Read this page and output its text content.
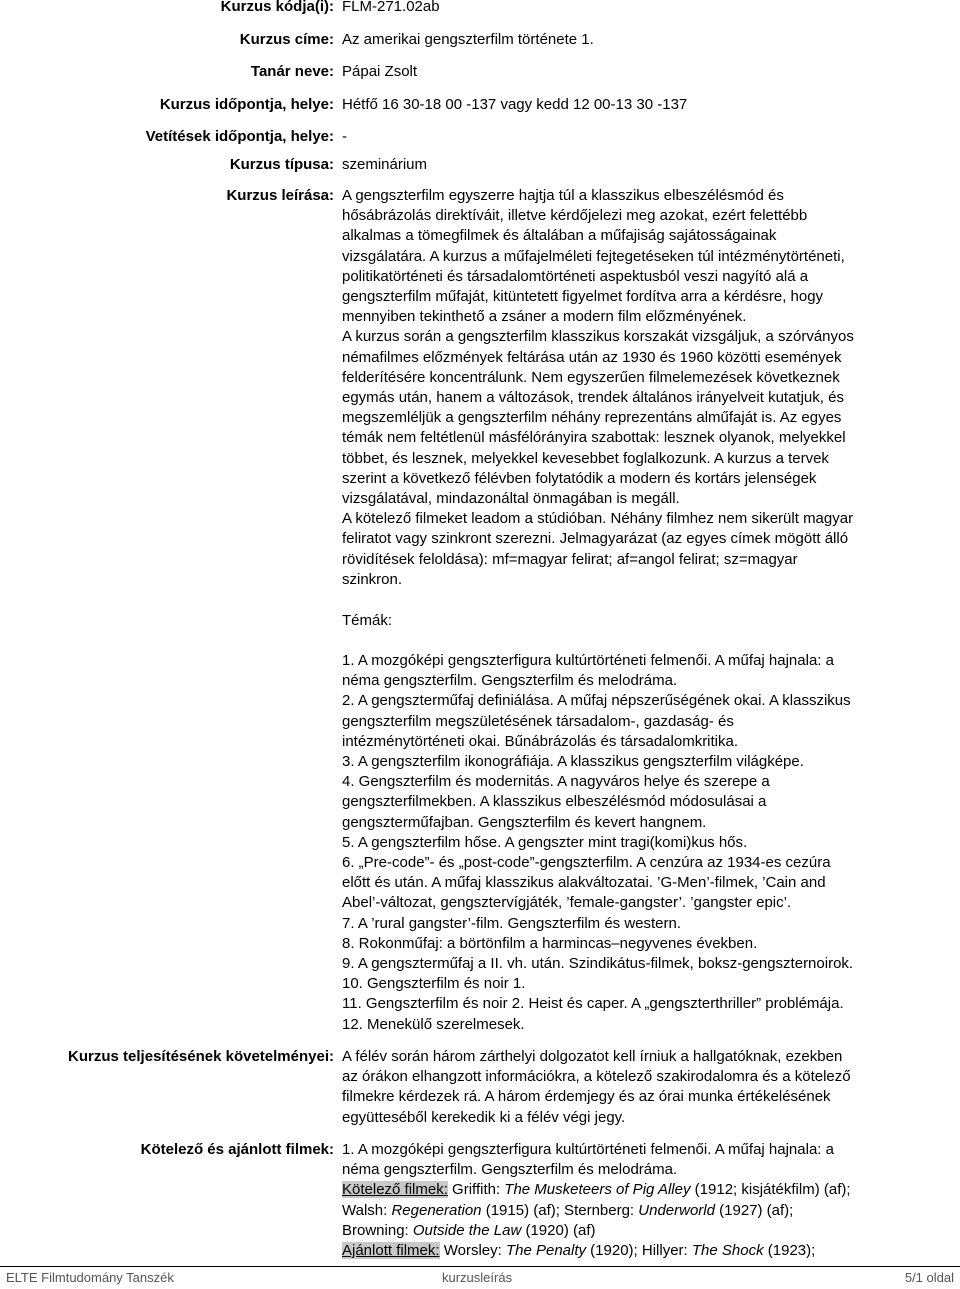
Kurzus kódja(i): FLM-271.02ab
Kurzus címe: Az amerikai gengszterfilm története 1.
Tanár neve: Pápai Zsolt
Kurzus időpontja, helye: Hétfő 16 30-18 00 -137 vagy kedd 12 00-13 30 -137
Vetítések időpontja, helye: -
Kurzus típusa: szeminárium
Kurzus leírása: A gengszterfilm egyszerre hajtja túl a klasszikus elbeszélésmód és

hősábrázolás direktíváit, illetve kérdőjelezi meg azokat, ezért felettébb

alkalmas a tömegfilmek és általában a műfajiság sajátosságainak

vizsgálatára. A kurzus a műfajelméleti fejtegetéseken túl intézménytörténeti,

politikatörténeti és társadalomtörténeti aspektusból veszi nagyító alá a

gengszterfilm műfaját, kitüntetett figyelmet fordítva arra a kérdésre, hogy

mennyiben tekinthető a zsáner a modern film előzményének.

A kurzus során a gengszterfilm klasszikus korszakát vizsgáljuk, a szórványos

némafilmes előzmények feltárása után az 1930 és 1960 közötti események

felderítésére koncentrálunk. Nem egyszerűen filmelemezések következnek

egymás után, hanem a változások, trendek általános irányelveit kutatjuk, és

megszemléljük a gengszterfilm néhány reprezentáns alműfaját is. Az egyes

témák nem feltétlenül másfélórányira szabottak: lesznek olyanok, melyekkel

többet, és lesznek, melyekkel kevesebbet foglalkozunk. A kurzus a tervek

szerint a következő félévben folytatódik a modern és kortárs jelenségek

vizsgálatával, mindazonáltal önmagában is megáll.

A kötelező filmeket leadom a stúdióban. Néhány filmhez nem sikerült magyar

feliratot vagy szinkront szerezni. Jelmagyarázat (az egyes címek mögött álló

rövidítések feloldása): mf=magyar felirat; af=angol felirat; sz=magyar

szinkron.

Témák:

1. A mozgóképi gengszterfigura kultúrtörténeti felmenői. A műfaj hajnala: a

néma gengszterfilm. Gengszterfilm és melodráma.

2. A gengszterműfaj definiálása. A műfaj népszerűségének okai. A klasszikus

gengszterfilm megszületésének társadalom-, gazdaság- és

intézménytörténeti okai. Bűnábrázolás és társadalomkritika.

3. A gengszterfilm ikonográfiája. A klasszikus gengszterfilm világképe.

4. Gengszterfilm és modernitás. A nagyváros helye és szerepe a

gengszterfilmekben. A klasszikus elbeszélésmód módosulásai a

gengszterműfajban. Gengszterfilm és kevert hangnem.

5. A gengszterfilm hőse. A gengszter mint tragi(komi)kus hős.

6. „Pre-code”- és „post-code”-gengszterfilm. A cenzúra az 1934-es cezúra

előtt és után. A műfaj klasszikus alakváltozatai. ’G-Men’-filmek, ’Cain and

Abel’-változat, gengsztervígjáték, ’female-gangster’. ’gangster epic’.

7. A ’rural gangster’-film. Gengszterfilm és western.

8. Rokonműfaj: a börtönfilm a harmincas–negyvenes években.

9. A gengszterműfaj a II. vh. után. Szindikátus-filmek, boksz-gengszternoirok.

10. Gengszterfilm és noir 1.

11. Gengszterfilm és noir 2. Heist és caper. A „gengszterthriller” problémája.

12. Menekülő szerelmesek.

Kurzus teljesítésének követelményei: A félév során három zárthelyi dolgozatot kell írniuk a hallgatóknak, ezekben

az órákon elhangzott információkra, a kötelező szakirodalomra és a kötelező

filmekre kérdezek rá. A három érdemjegy és az órai munka értékelésének

együtteséből kerekedik ki a félév végi jegy.

Kötelező és ajánlott filmek: 1. A mozgóképi gengszterfigura kultúrtörténeti felmenői. A műfaj hajnala: a

néma gengszterfilm. Gengszterfilm és melodráma.

Kötelező filmek: Griffith: The Musketeers of Pig Alley (1912; kisjátékfilm) (af);

Walsh: Regeneration (1915) (af); Sternberg: Underworld (1927) (af);

Browning: Outside the Law (1920) (af)

Ajánlott filmek: Worsley: The Penalty (1920); Hillyer: The Shock (1923);

ELTE Filmtudomány Tanszék	kurzusleírás	5/1 oldal
